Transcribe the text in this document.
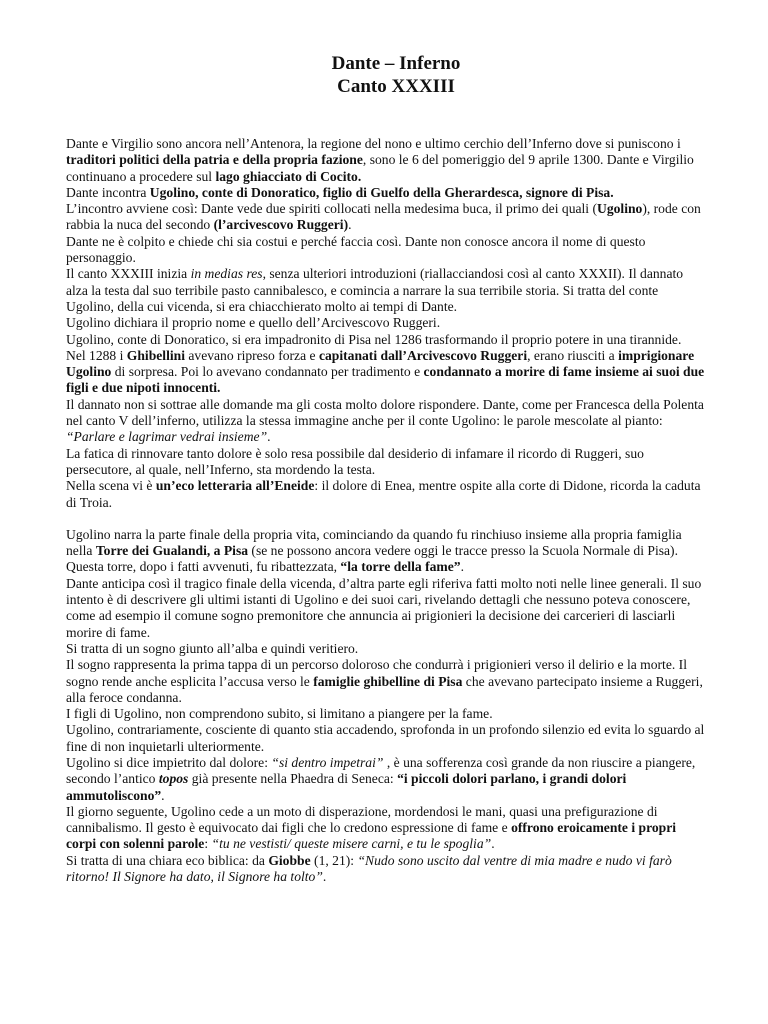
Dante – Inferno
Canto XXXIII

Dante e Virgilio sono ancora nell’Antenora, la regione del nono e ultimo cerchio dell’Inferno dove si puniscono i traditori politici della patria e della propria fazione, sono le 6 del pomeriggio del 9 aprile 1300. Dante e Virgilio continuano a procedere sul lago ghiacciato di Cocito.

Dante incontra Ugolino, conte di Donoratico, figlio di Guelfo della Gherardesca, signore di Pisa.

L’incontro avviene così: Dante vede due spiriti collocati nella medesima buca, il primo dei quali (Ugolino), rode con rabbia la nuca del secondo (l’arcivescovo Ruggeri).

Dante ne è colpito e chiede chi sia costui e perché faccia così. Dante non conosce ancora il nome di questo personaggio.

Il canto XXXIII inizia in medias res, senza ulteriori introduzioni (riallacciandosi così al canto XXXII). Il dannato alza la testa dal suo terribile pasto cannibalesco, e comincia a narrare la sua terribile storia. Si tratta del conte Ugolino, della cui vicenda, si era chiacchierato molto ai tempi di Dante.

Ugolino dichiara il proprio nome e quello dell’Arcivescovo Ruggeri.

Ugolino, conte di Donoratico, si era impadronito di Pisa nel 1286 trasformando il proprio potere in una tirannide.

Nel 1288 i Ghibellini avevano ripreso forza e capitanati dall’Arcivescovo Ruggeri, erano riusciti a imprigionare Ugolino di sorpresa. Poi lo avevano condannato per tradimento e condannato a morire di fame insieme ai suoi due figli e due nipoti innocenti.

Il dannato non si sottrae alle domande ma gli costa molto dolore rispondere. Dante, come per Francesca della Polenta nel canto V dell’inferno, utilizza la stessa immagine anche per il conte Ugolino: le parole mescolate al pianto: “Parlare e lagrimar vedrai insieme”.

La fatica di rinnovare tanto dolore è solo resa possibile dal desiderio di infamare il ricordo di Ruggeri, suo persecutore, al quale, nell’Inferno, sta mordendo la testa.

Nella scena vi è un’eco letteraria all’Eneide: il dolore di Enea, mentre ospite alla corte di Didone, ricorda la caduta di Troia.

Ugolino narra la parte finale della propria vita, cominciando da quando fu rinchiuso insieme alla propria famiglia nella Torre dei Gualandi, a Pisa (se ne possono ancora vedere oggi le tracce presso la Scuola Normale di Pisa). Questa torre, dopo i fatti avvenuti, fu ribattezzata, “la torre della fame”.

Dante anticipa così il tragico finale della vicenda, d’altra parte egli riferiva fatti molto noti nelle linee generali. Il suo intento è di descrivere gli ultimi istanti di Ugolino e dei suoi cari, rivelando dettagli che nessuno poteva conoscere, come ad esempio il comune sogno premonitore che annuncia ai prigionieri la decisione dei carcerieri di lasciarli morire di fame.

Si tratta di un sogno giunto all’alba e quindi veritiero.

Il sogno rappresenta la prima tappa di un percorso doloroso che condurrà i prigionieri verso il delirio e la morte. Il sogno rende anche esplicita l’accusa verso le famiglie ghibelline di Pisa che avevano partecipato insieme a Ruggeri, alla feroce condanna.

I figli di Ugolino, non comprendono subito, si limitano a piangere per la fame.

Ugolino, contrariamente, cosciente di quanto stia accadendo, sprofonda in un profondo silenzio ed evita lo sguardo al fine di non inquietarli ulteriormente.

Ugolino si dice impietrito dal dolore: “si dentro impetrai” , è una sofferenza così grande da non riuscire a piangere, secondo l’antico topos già presente nella Phaedra di Seneca: “i piccoli dolori parlano, i grandi dolori ammutoliscono”.

Il giorno seguente, Ugolino cede a un moto di disperazione, mordendosi le mani, quasi una prefigurazione di cannibalismo. Il gesto è equivocato dai figli che lo credono espressione di fame e offrono eroicamente i propri corpi con solenni parole: “tu ne vestisti/ queste misere carni, e tu le spoglia”.

Si tratta di una chiara eco biblica: da Giobbe (1, 21): “Nudo sono uscito dal ventre di mia madre e nudo vi farò ritorno! Il Signore ha dato, il Signore ha tolto”.
